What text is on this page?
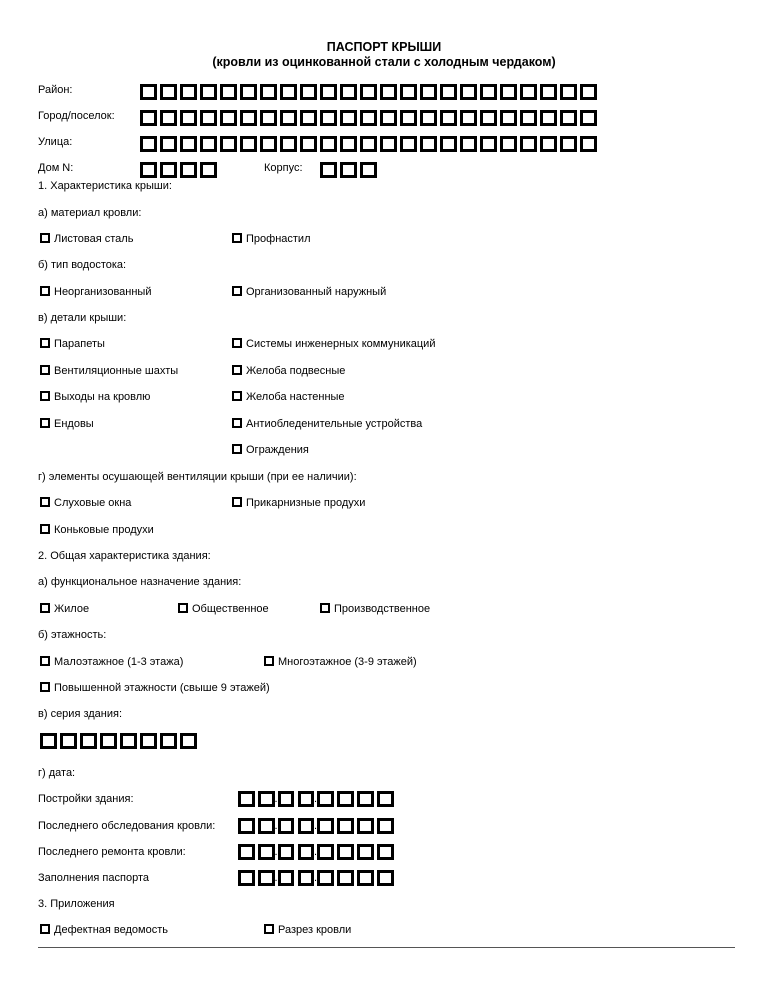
ПАСПОРТ КРЫШИ
(кровли из оцинкованной стали с холодным чердаком)
Район:
Город/поселок:
Улица:
Дом N:	Корпус:
1. Характеристика крыши:
а) материал кровли:
Листовая сталь	Профнастил
б) тип водостока:
Неорганизованный	Организованный наружный
в) детали крыши:
Парапеты	Системы инженерных коммуникаций
Вентиляционные шахты	Желоба подвесные
Выходы на кровлю	Желоба настенные
Ендовы	Антиобледенительные устройства
Ограждения
г) элементы осушающей вентиляции крыши (при ее наличии):
Слуховые окна	Прикарнизные продухи
Коньковые продухи
2. Общая характеристика здания:
а) функциональное назначение здания:
Жилое	Общественное	Производственное
б) этажность:
Малоэтажное (1-3 этажа)	Многоэтажное (3-9 этажей)
Повышенной этажности (свыше 9 этажей)
в) серия здания:
г) дата:
Постройки здания:	.	.
Последнего обследования кровли:	.	.
Последнего ремонта кровли:	.	.
Заполнения паспорта	.	.
3. Приложения
Дефектная ведомость	Разрез кровли
